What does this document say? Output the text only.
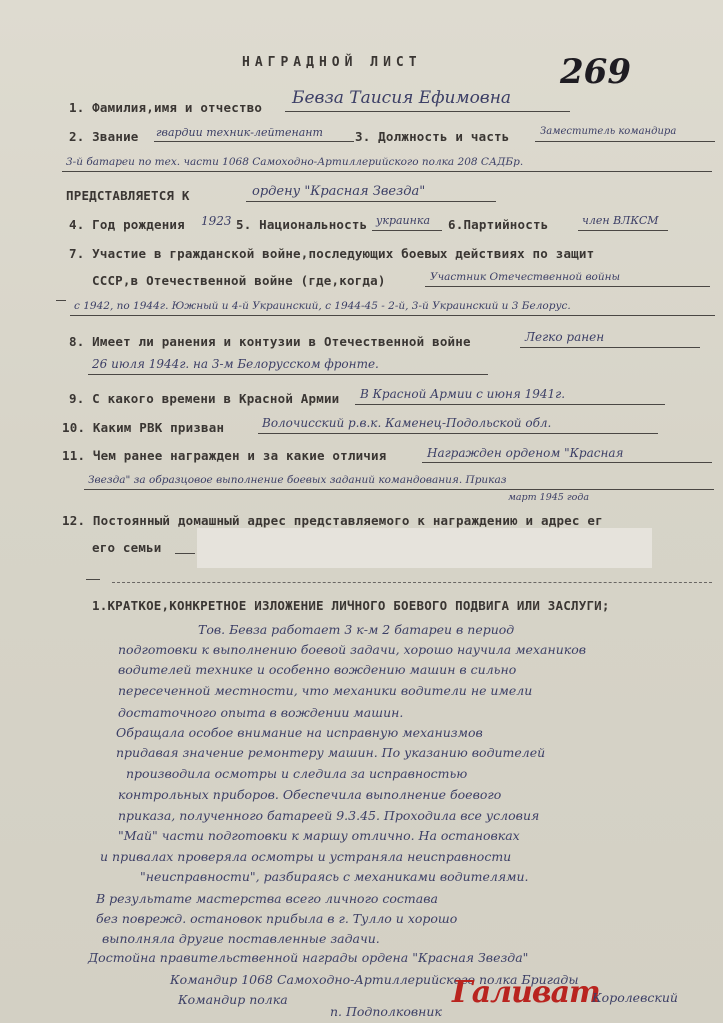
НАГРАДНОЙ ЛИСТ	269
1. Фамилия,имя и отчество Бевза Таисия Ефимовна
2. Звание гвардии техник-лейтенант	3. Должность и часть	Заместитель командира
3-й батареи по тех. части 1068 Самоходно-Артиллерийского полка 208 САДБр.
ПРЕДСТАВЛЯЕТСЯ К	ордену "Красная Звезда"
4. Год рождения 1923 5. Национальность украинка 6.Партийность	член ВЛКСМ
7. Участие в гражданской войне,последующих боевых действиях по защит
СССР,в Отечественной войне (где,когда)	Участник Отечественной войны
с 1942, по 1944г. Южный и 4-й Украинский, с 1944-45 - 2-й, 3-й Украинский и 3 Белорус.
8. Имеет ли ранения и контузии в Отечественной войне	Легко ранен
26 июля 1944г. на 3-м Белорусском фронте.
9. С какого времени в Красной Армии В Красной Армии с июня 1941г.
10. Каким РВК призван	Волочисский р.в.к. Каменец-Подольской обл.
11. Чем ранее награжден и за какие отличия	Награжден орденом "Красная
Звезда" за образцовое выполнение боевых заданий командования. Приказ
март 1945 года
12. Постоянный домашный адрес представляемого к награждению и адрес ег
его семьи
1.КРАТКОЕ,КОНКРЕТНОЕ ИЗЛОЖЕНИЕ ЛИЧНОГО БОЕВОГО ПОДВИГА ИЛИ ЗАСЛУГИ;
Тов. Бевза работает 3 к-м 2 батареи в период
подготовки к выполнению боевой задачи, хорошо научила механиков
водителей технике и особенно вождению машин в сильно
пересеченной местности, что механики водители не имели
достаточного опыта в вождении машин.
Обращала особое внимание на исправную механизмов
придавая значение ремонтеру машин. По указанию водителей
производила осмотры и следила за исправностью
контрольных приборов. Обеспечила выполнение боевого
приказа, полученного батареей 9.3.45. Проходила все условия
"Май" части подготовки к маршу отлично. На остановках
и привалах проверяла осмотры и устраняла неисправности
"неисправности", разбираясь с механиками водителями.
В результате мастерства всего личного состава
без поврежд. остановок прибыла в г. Тулло и хорошо
выполняла другие поставленные задачи.
Достойна правительственной награды ордена "Красная Звезда"
Командир 1068 Самоходно-Артиллерийского полка Бригады
Командир полка
п. Подполковник
Галиват
Королевский
